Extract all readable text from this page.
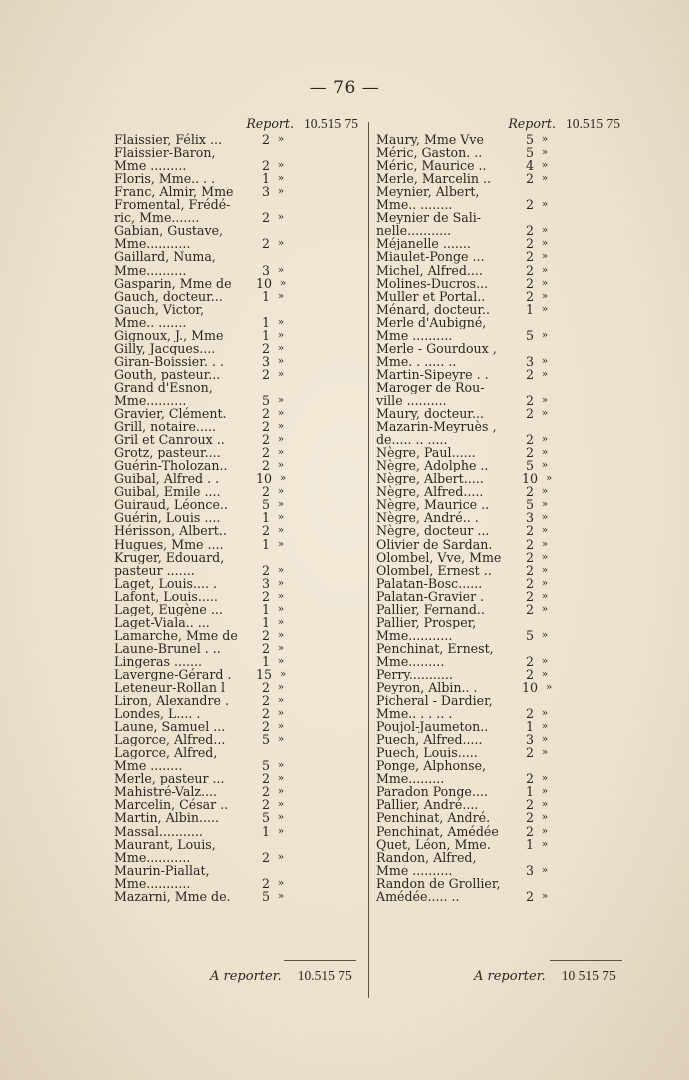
— 76 —
Report. 10.515 75
Flaissier, Félix ...	2 »
Flaissier-Baron,
Mme .........	2 »
Floris, Mme.. . .	1 »
Franc, Almir, Mme	3 »
Fromental, Frédé-
ric, Mme.......	2 »
Gabian, Gustave,
Mme...........	2 »
Gaillard, Numa,
Mme..........	3 »
Gasparin, Mme de	10 »
Gauch, docteur...	1 »
Gauch, Victor,
Mme.. .......	1 »
Gignoux, J., Mme	1 »
Gilly, Jacques....	2 »
Giran-Boissier. . .	3 »
Gouth, pasteur...	2 »
Grand d'Esnon,
Mme..........	5 »
Gravier, Clément.	2 »
Grill, notaire.....	2 »
Gril et Canroux ..	2 »
Grotz, pasteur....	2 »
Guérin-Tholozan..	2 »
Guibal, Alfred . .	10 »
Guibal, Emile ....	2 »
Guiraud, Léonce..	5 »
Guérin, Louis ....	1 »
Hérisson, Albert..	2 »
Hugues, Mme ....	1 »
Kruger, Edouard,
pasteur .......	2 »
Laget, Louis.... .	3 »
Lafont, Louis.....	2 »
Laget, Eugène ...	1 »
Laget-Viala.. ...	1 »
Lamarche, Mme de	2 »
Laune-Brunel . ..	2 »
Lingeras .......	1 »
Lavergne-Gérard .	15 »
Leteneur-Rollan l	2 »
Liron, Alexandre .	2 »
Londes, L.... .	2 »
Laune, Samuel ...	2 »
Lagorce, Alfred...	5 »
Lagorce, Alfred,
Mme ........	5 »
Merle, pasteur ...	2 »
Mahistré-Valz....	2 »
Marcelin, César ..	2 »
Martin, Albin.....	5 »
Massal...........	1 »
Maurant, Louis,
Mme...........	2 »
Maurin-Piallat,
Mme...........	2 »
Mazarni, Mme de.	5 »
Report. 10.515 75
Maury, Mme Vve	5 »
Méric, Gaston. ..	5 »
Méric, Maurice ..	4 »
Merle, Marcelin ..	2 »
Meynier, Albert,
Mme.. ........	2 »
Meynier de Sali-
nelle...........	2 »
Méjanelle .......	2 »
Miaulet-Ponge ...	2 »
Michel, Alfred....	2 »
Molines-Ducros...	2 »
Muller et Portal..	2 »
Ménard, docteur..	1 »
Merle d'Aubigné,
Mme ..........	5 »
Merle - Gourdoux ,
Mme. . ..... ..	3 »
Martin-Sipeyre . .	2 »
Maroger de Rou-
ville ..........	2 »
Maury, docteur...	2 »
Mazarin-Meyruès ,
de..... .. .....	2 »
Nègre, Paul......	2 »
Nègre, Adolphe ..	5 »
Nègre, Albert.....	10 »
Nègre, Alfred.....	2 »
Nègre, Maurice ..	5 »
Nègre, André.. .	3 »
Nègre, docteur ...	2 »
Olivier de Sardan.	2 »
Olombel, Vve, Mme	2 »
Olombel, Ernest ..	2 »
Palatan-Bosc......	2 »
Palatan-Gravier .	2 »
Pallier, Fernand..	2 »
Pallier, Prosper,
Mme...........	5 »
Penchinat, Ernest,
Mme.........	2 »
Perry...........	2 »
Peyron, Albin.. .	10 »
Picheral - Dardier,
Mme.. . . .. .	2 »
Poujol-Jaumeton..	1 »
Puech, Alfred.....	3 »
Puech, Louis.....	2 »
Ponge, Alphonse,
Mme.........	2 »
Paradon Ponge....	1 »
Pallier, André....	2 »
Penchinat, André.	2 »
Penchinat, Amédée	2 »
Quet, Léon, Mme.	1 »
Randon, Alfred,
Mme ..........	3 »
Randon de Grollier,
Amédée..... ..	2 »
A reporter. 10.515 75	A reporter. 10 515 75
